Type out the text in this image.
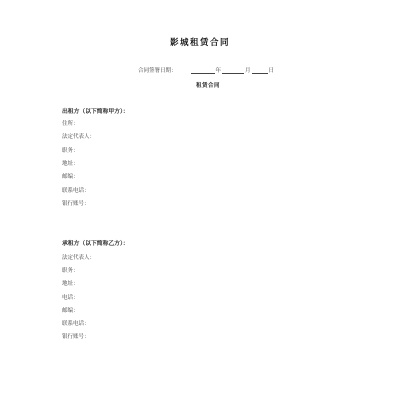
影城租赁合同
合同签署日期：	年	月	日
租赁合同
出租方（以下简称甲方）：
住所：
法定代表人：
职务：
地址：
邮编：
联系电话：
银行账号：
承租方（以下简称乙方）：
法定代表人：
职务：
地址：
电话：
邮编：
联系电话：
银行账号：
